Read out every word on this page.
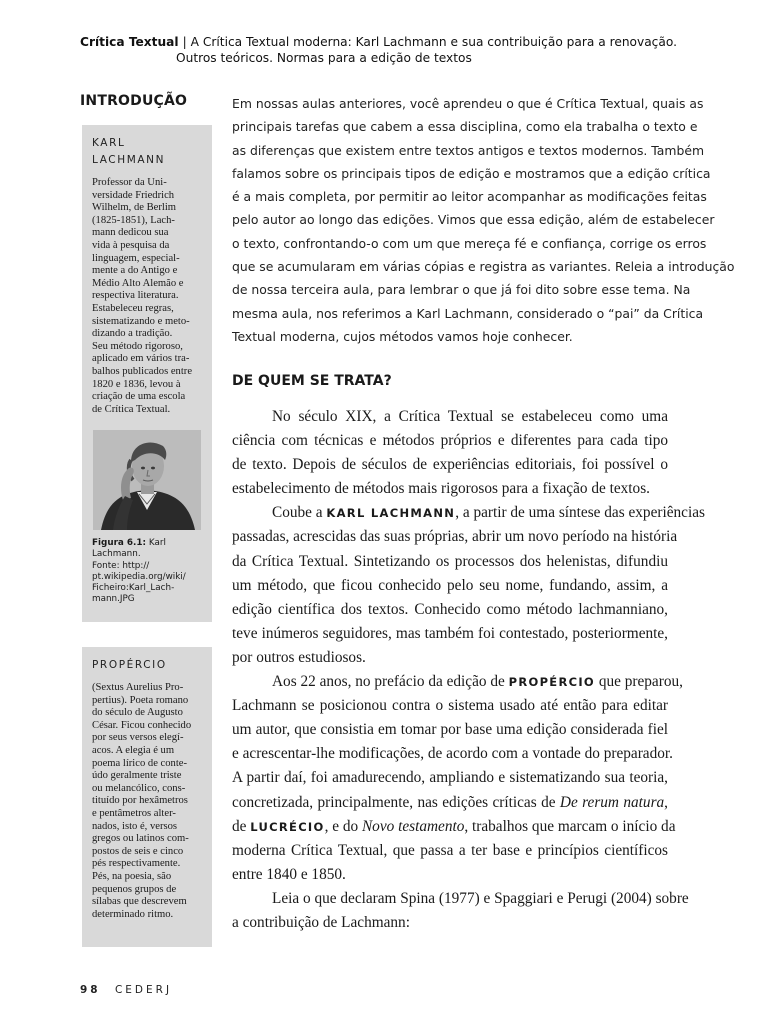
Crítica Textual | A Crítica Textual moderna: Karl Lachmann e sua contribuição para a renovação.
Outros teóricos. Normas para a edição de textos
INTRODUÇÃO
KARL
LACHMANN
Professor da Uni-
versidade Friedrich
Wilhelm, de Berlim
(1825-1851), Lach-
mann dedicou sua
vida à pesquisa da
linguagem, especial-
mente a do Antigo e
Médio Alto Alemão e
respectiva literatura.
Estabeleceu regras,
sistematizando e meto-
dizando a tradição.
Seu método rigoroso,
aplicado em vários tra-
balhos publicados entre
1820 e 1836, levou à
criação de uma escola
de Crítica Textual.
Figura 6.1: Karl Lachmann.
Fonte: http://
pt.wikipedia.org/wiki/
Ficheiro:Karl_Lach-
mann.JPG
PROPÉRCIO
(Sextus Aurelius Pro-
pertius). Poeta romano
do século de Augusto
César. Ficou conhecido
por seus versos elegí-
acos. A elegia é um
poema lírico de conte-
údo geralmente triste
ou melancólico, cons-
tituído por hexâmetros
e pentâmetros alter-
nados, isto é, versos
gregos ou latinos com-
postos de seis e cinco
pés respectivamente.
Pés, na poesia, são
pequenos grupos de
sílabas que descrevem
determinado ritmo.
Em nossas aulas anteriores, você aprendeu o que é Crítica Textual, quais as
principais tarefas que cabem a essa disciplina, como ela trabalha o texto e
as diferenças que existem entre textos antigos e textos modernos. Também
falamos sobre os principais tipos de edição e mostramos que a edição crítica
é a mais completa, por permitir ao leitor acompanhar as modificações feitas
pelo autor ao longo das edições. Vimos que essa edição, além de estabelecer
o texto, confrontando-o com um que mereça fé e confiança, corrige os erros
que se acumularam em várias cópias e registra as variantes. Releia a introdução
de nossa terceira aula, para lembrar o que já foi dito sobre esse tema. Na
mesma aula, nos referimos a Karl Lachmann, considerado o “pai” da Crítica
Textual moderna, cujos métodos vamos hoje conhecer.
DE QUEM SE TRATA?
No século XIX, a Crítica Textual se estabeleceu como uma
ciência com técnicas e métodos próprios e diferentes para cada tipo
de texto. Depois de séculos de experiências editoriais, foi possível o
estabelecimento de métodos mais rigorosos para a fixação de textos.
Coube a KARL LACHMANN, a partir de uma síntese das experiências
passadas, acrescidas das suas próprias, abrir um novo período na história
da Crítica Textual. Sintetizando os processos dos helenistas, difundiu
um método, que ficou conhecido pelo seu nome, fundando, assim, a
edição científica dos textos. Conhecido como método lachmanniano,
teve inúmeros seguidores, mas também foi contestado, posteriormente,
por outros estudiosos.
Aos 22 anos, no prefácio da edição de PROPÉRCIO que preparou,
Lachmann se posicionou contra o sistema usado até então para editar
um autor, que consistia em tomar por base uma edição considerada fiel
e acrescentar-lhe modificações, de acordo com a vontade do preparador.
A partir daí, foi amadurecendo, ampliando e sistematizando sua teoria,
concretizada, principalmente, nas edições críticas de De rerum natura,
de LUCRÉCIO, e do Novo testamento, trabalhos que marcam o início da
moderna Crítica Textual, que passa a ter base e princípios científicos
entre 1840 e 1850.
Leia o que declaram Spina (1977) e Spaggiari e Perugi (2004) sobre
a contribuição de Lachmann:
98 CEDERJ
